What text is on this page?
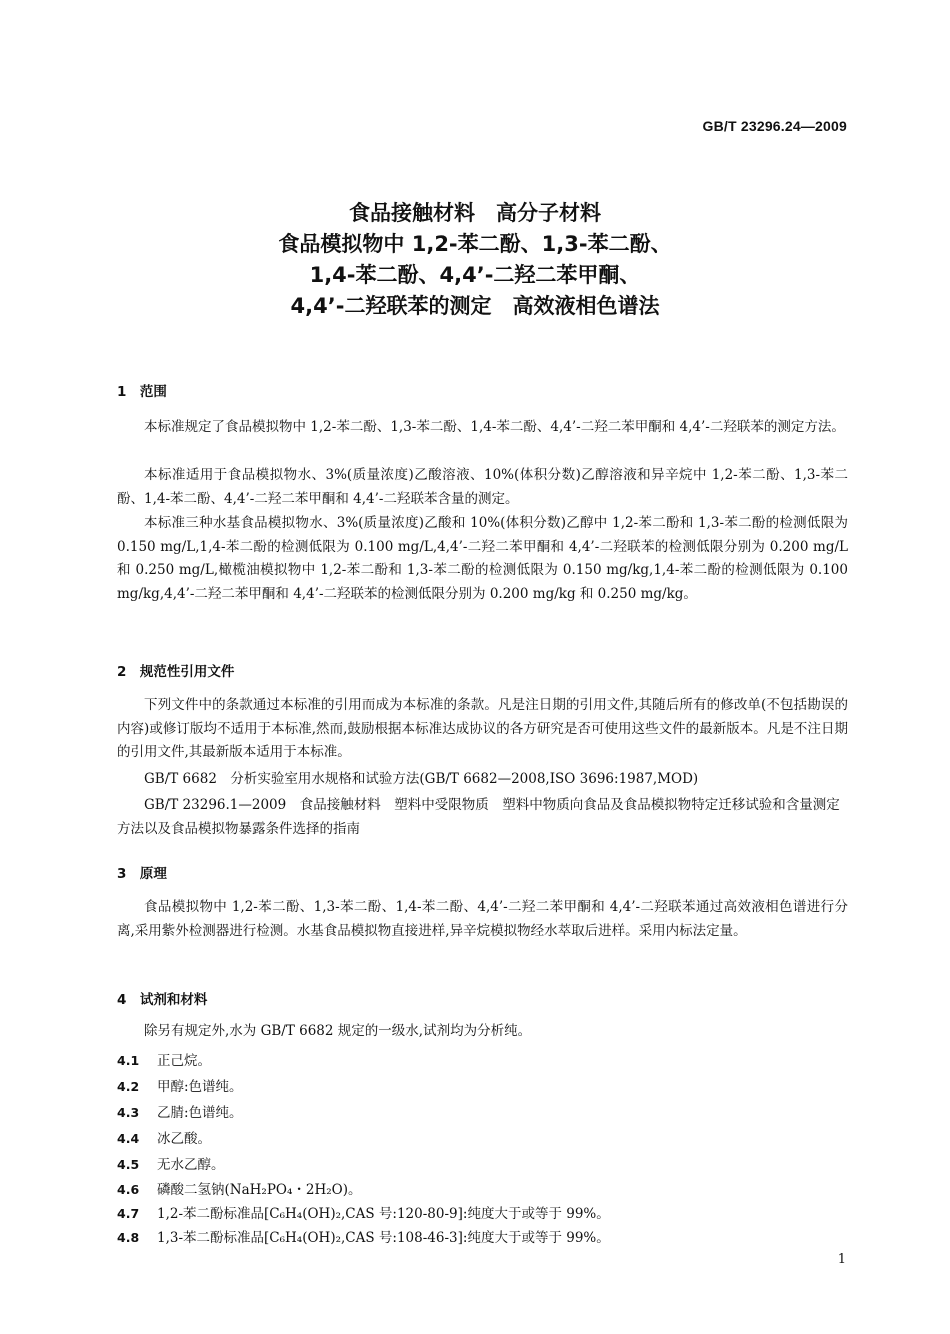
GB/T 23296.24—2009
食品接触材料　高分子材料
食品模拟物中 1,2-苯二酚、1,3-苯二酚、
1,4-苯二酚、4,4’-二羟二苯甲酮、
4,4’-二羟联苯的测定　高效液相色谱法
1　范围
本标准规定了食品模拟物中 1,2-苯二酚、1,3-苯二酚、1,4-苯二酚、4,4’-二羟二苯甲酮和 4,4’-二羟联苯的测定方法。
本标准适用于食品模拟物水、3%(质量浓度)乙酸溶液、10%(体积分数)乙醇溶液和异辛烷中 1,2-苯二酚、1,3-苯二酚、1,4-苯二酚、4,4’-二羟二苯甲酮和 4,4’-二羟联苯含量的测定。
本标准三种水基食品模拟物水、3%(质量浓度)乙酸和 10%(体积分数)乙醇中 1,2-苯二酚和 1,3-苯二酚的检测低限为 0.150 mg/L,1,4-苯二酚的检测低限为 0.100 mg/L,4,4’-二羟二苯甲酮和 4,4’-二羟联苯的检测低限分别为 0.200 mg/L 和 0.250 mg/L,橄榄油模拟物中 1,2-苯二酚和 1,3-苯二酚的检测低限为 0.150 mg/kg,1,4-苯二酚的检测低限为 0.100 mg/kg,4,4’-二羟二苯甲酮和 4,4’-二羟联苯的检测低限分别为 0.200 mg/kg 和 0.250 mg/kg。
2　规范性引用文件
下列文件中的条款通过本标准的引用而成为本标准的条款。凡是注日期的引用文件,其随后所有的修改单(不包括勘误的内容)或修订版均不适用于本标准,然而,鼓励根据本标准达成协议的各方研究是否可使用这些文件的最新版本。凡是不注日期的引用文件,其最新版本适用于本标准。
GB/T 6682　分析实验室用水规格和试验方法(GB/T 6682—2008,ISO 3696:1987,MOD)
GB/T 23296.1—2009　食品接触材料　塑料中受限物质　塑料中物质向食品及食品模拟物特定迁移试验和含量测定方法以及食品模拟物暴露条件选择的指南
3　原理
食品模拟物中 1,2-苯二酚、1,3-苯二酚、1,4-苯二酚、4,4’-二羟二苯甲酮和 4,4’-二羟联苯通过高效液相色谱进行分离,采用紫外检测器进行检测。水基食品模拟物直接进样,异辛烷模拟物经水萃取后进样。采用内标法定量。
4　试剂和材料
除另有规定外,水为 GB/T 6682 规定的一级水,试剂均为分析纯。
4.1 正己烷。
4.2 甲醇:色谱纯。
4.3 乙腈:色谱纯。
4.4 冰乙酸。
4.5 无水乙醇。
4.6 磷酸二氢钠(NaH₂PO₄・2H₂O)。
4.7 1,2-苯二酚标准品[C₆H₄(OH)₂,CAS 号:120-80-9]:纯度大于或等于 99%。
4.8 1,3-苯二酚标准品[C₆H₄(OH)₂,CAS 号:108-46-3]:纯度大于或等于 99%。
1
